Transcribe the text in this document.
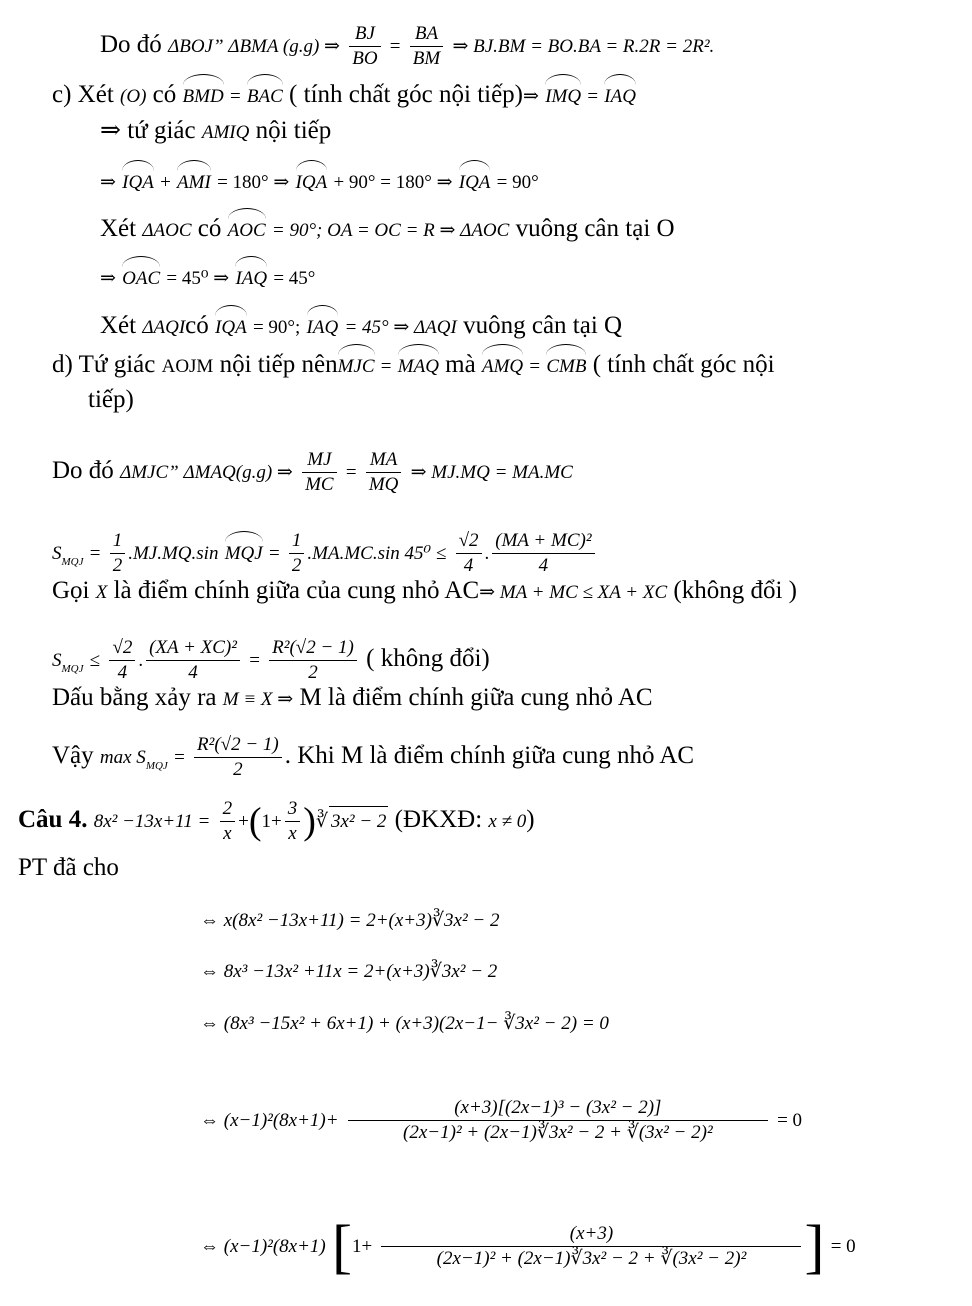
Do đó ΔBOJ” ΔBMA (g.g) ⇒ $\frac{BJ}{BO} = \frac{BA}{BM}$ ⇒ BJ.BM = BO.BA = R.2R = 2R².
c) Xét (O) có BMD = BAC ( tính chất góc nội tiếp)⇒ IMQ = IAQ
⇒ tứ giác AMIQ nội tiếp
⇒ IQA + AMI = 180° ⇒ IQA + 90° = 180° ⇒ IQA = 90°
Xét ΔAOC có AOC = 90°; OA = OC = R ⇒ ΔAOC vuông cân tại O
⇒ OAC = 45⁰ ⇒ IAQ = 45°
Xét ΔAQIcó IQA = 90°; IAQ = 45° ⇒ ΔAQI vuông cân tại Q
d) Tứ giác AOJM nội tiếp nênMJC = MAQ mà AMQ = CMB ( tính chất góc nội
tiếp)
Do đó ΔMJC” ΔMAQ(g.g) ⇒ $\frac{MJ}{MC} = \frac{MA}{MQ}$ ⇒ MJ.MQ = MA.MC
$S_{MQJ} = \frac{1}{2} .MJ.MQ.\sin$ MQJ = $\frac{1}{2} .MA.MC.\sin$ $45^0 \le \frac{√2}{4}$ . $\frac{\text{(MA + MC)²}}{4}$
Gọi X là điểm chính giữa của cung nhỏ AC⇒ MA + MC ≤ XA + XC (không đổi )
$S_{MQJ} \le \frac{√2}{4}$ . $\frac{\text{(XA + XC)²}}{4} = \frac{\text{R²(√2 − 1)}}{2}$ ( không đổi)
Dấu bằng xảy ra M ≡ X ⇒ M là điểm chính giữa cung nhỏ AC
Vậy $\max S_{MQJ} = \frac{\text{R²(√2 − 1)}}{2}$ . Khi M là điểm chính giữa cung nhỏ AC
Câu 4. $8x^2 -13x+11 = \frac{2}{x} +(1+ \frac{3}{x}$ )∛ 3x² − 2 (ĐKXĐ: x ≠ 0)
PT đã cho
⇔ x(8x² −13x+11) = 2+(x+3)∛3x² − 2
⇔ 8x³ −13x² +11x = 2+(x+3)∛3x² − 2
⇔ (8x³ −15x² + 6x+1) + (x+3)(2x−1− ∛3x² − 2) = 0
⇔ $(x-1)^2(8x+1)+ \frac{\text{(x+3)[(2x−1)³ − (3x² − 2)]}}{\text{(2x−1)² + (2x−1)∛3x² − 2 + ∛(3x² − 2)²}} = 0$
⇔ (x−1)²(8x+1) [$1+ \frac{(x+3)}{\text{(2x−1)² + (2x−1)∛3x² − 2 + ∛(3x² − 2)²}}$ ] = 0
